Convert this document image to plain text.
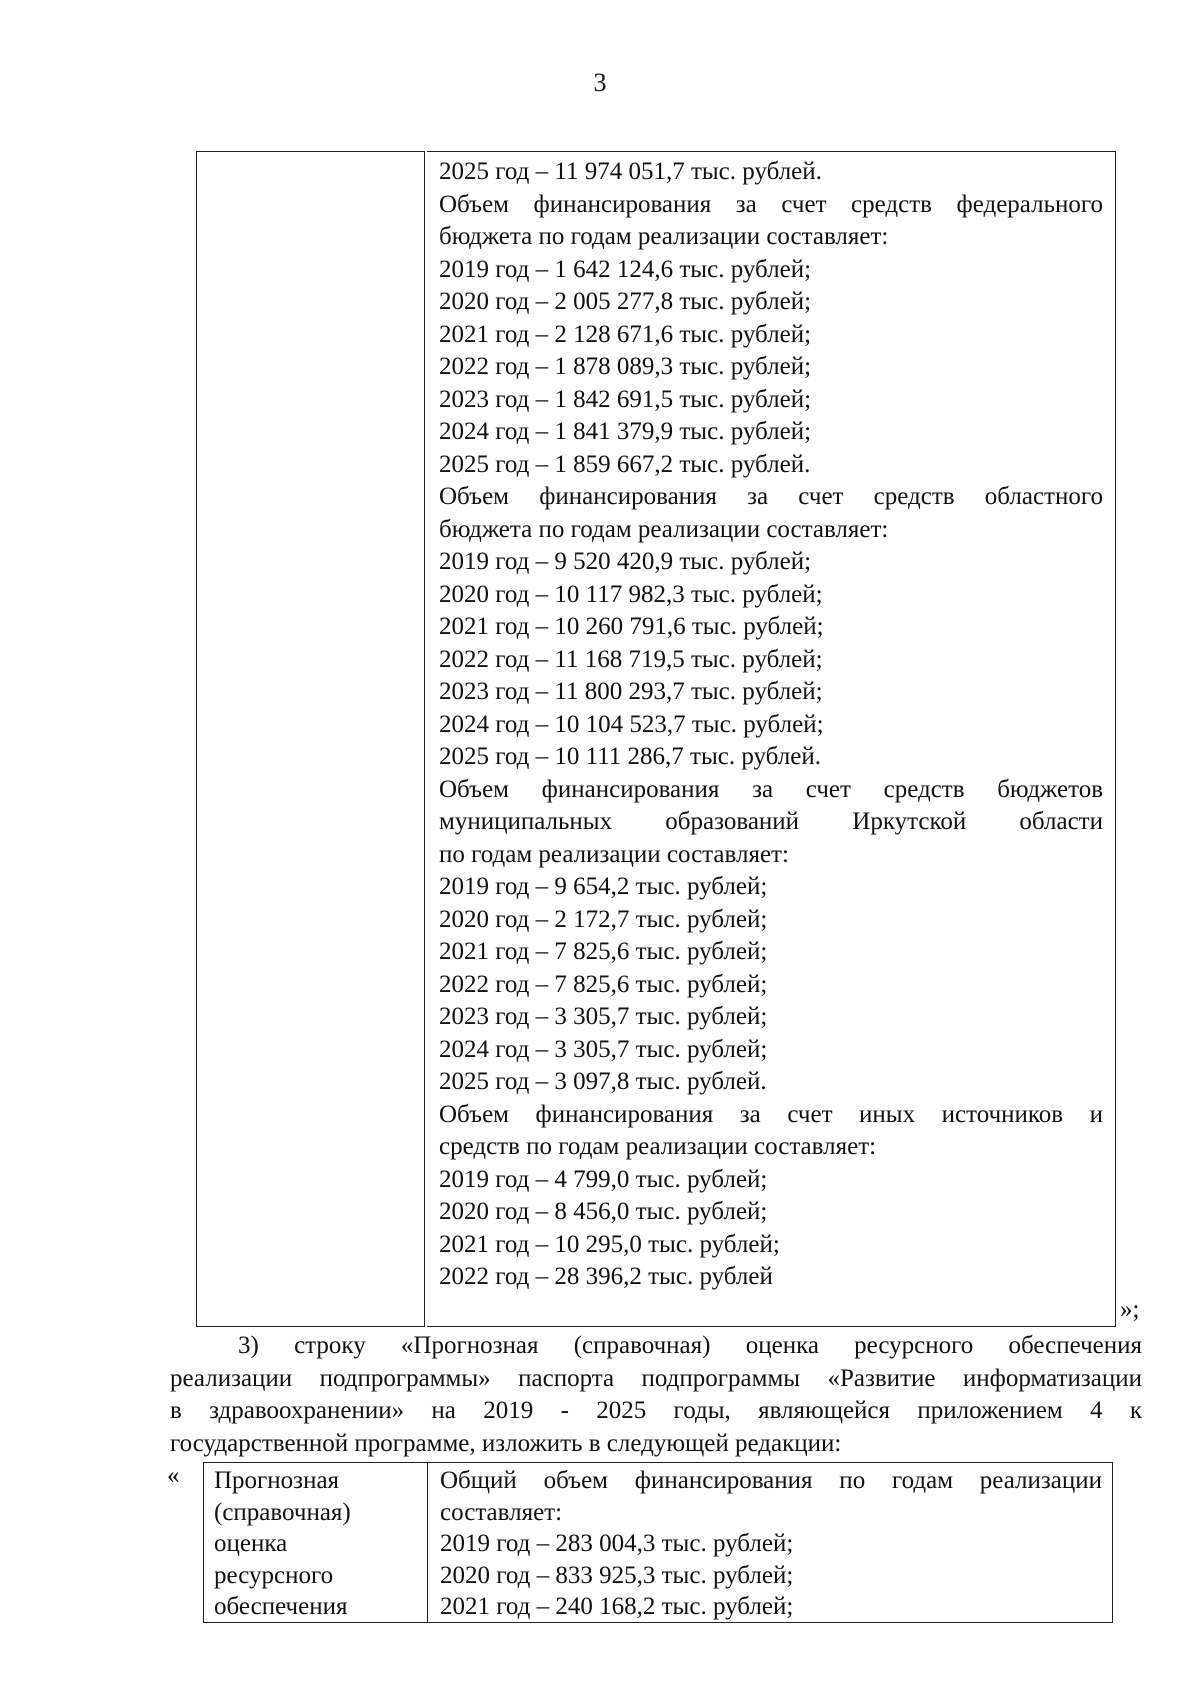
3
2025 год – 11 974 051,7 тыс. рублей.
Объем финансирования за счет средств федерального
бюджета по годам реализации составляет:
2019 год – 1 642 124,6 тыс. рублей;
2020 год – 2 005 277,8 тыс. рублей;
2021 год – 2 128 671,6 тыс. рублей;
2022 год – 1 878 089,3 тыс. рублей;
2023 год – 1 842 691,5 тыс. рублей;
2024 год – 1 841 379,9 тыс. рублей;
2025 год – 1 859 667,2 тыс. рублей.
Объем финансирования за счет средств областного
бюджета по годам реализации составляет:
2019 год – 9 520 420,9 тыс. рублей;
2020 год – 10 117 982,3 тыс. рублей;
2021 год – 10 260 791,6 тыс. рублей;
2022 год – 11 168 719,5 тыс. рублей;
2023 год – 11 800 293,7 тыс. рублей;
2024 год – 10 104 523,7 тыс. рублей;
2025 год – 10 111 286,7 тыс. рублей.
Объем финансирования за счет средств бюджетов
муниципальных образований Иркутской области
по годам реализации составляет:
2019 год – 9 654,2 тыс. рублей;
2020 год – 2 172,7 тыс. рублей;
2021 год – 7 825,6 тыс. рублей;
2022 год – 7 825,6 тыс. рублей;
2023 год – 3 305,7 тыс. рублей;
2024 год – 3 305,7 тыс. рублей;
2025 год – 3 097,8 тыс. рублей.
Объем финансирования за счет иных источников и
средств по годам реализации составляет:
2019 год – 4 799,0 тыс. рублей;
2020 год – 8 456,0 тыс. рублей;
2021 год – 10 295,0 тыс. рублей;
2022 год – 28 396,2 тыс. рублей
»;
3) строку «Прогнозная (справочная) оценка ресурсного обеспечения
реализации подпрограммы» паспорта подпрограммы «Развитие информатизации
в здравоохранении» на 2019 - 2025 годы, являющейся приложением 4 к
государственной программе, изложить в следующей редакции:
« Прогнозная
(справочная)
оценка
ресурсного
обеспечения
Общий объем финансирования по годам реализации
составляет:
2019 год – 283 004,3 тыс. рублей;
2020 год – 833 925,3 тыс. рублей;
2021 год – 240 168,2 тыс. рублей;
